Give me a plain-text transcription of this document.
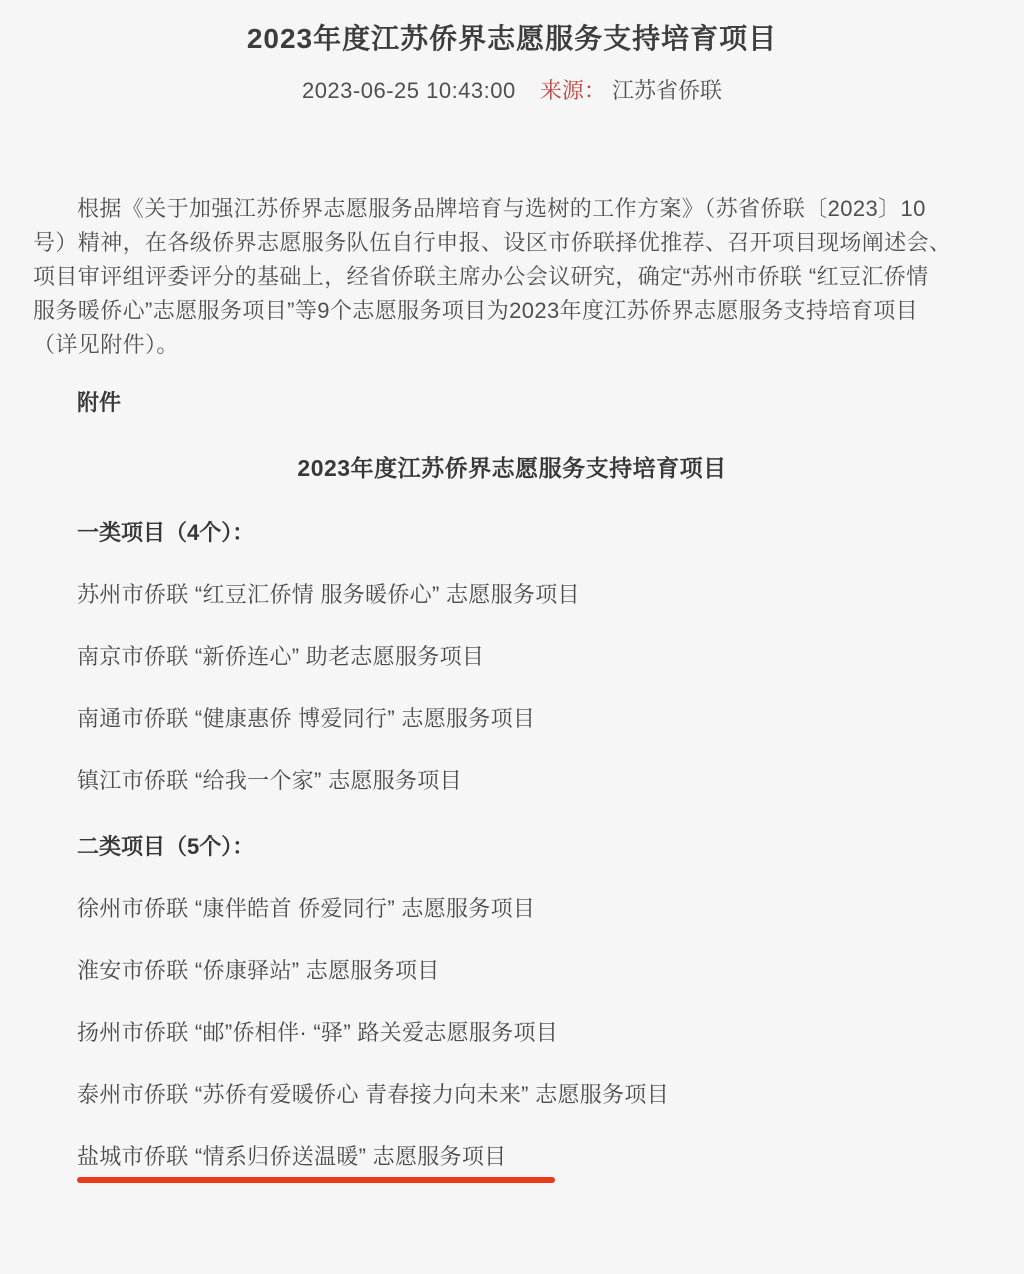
2023年度江苏侨界志愿服务支持培育项目
2023-06-25 10:43:00 来源： 江苏省侨联
根据《关于加强江苏侨界志愿服务品牌培育与选树的工作方案》（苏省侨联〔2023〕10
号）精神，在各级侨界志愿服务队伍自行申报、设区市侨联择优推荐、召开项目现场阐述会、
项目审评组评委评分的基础上，经省侨联主席办公会议研究，确定“苏州市侨联 “红豆汇侨情
服务暖侨心”志愿服务项目”等9个志愿服务项目为2023年度江苏侨界志愿服务支持培育项目
（详见附件）。
附件
2023年度江苏侨界志愿服务支持培育项目
一类项目（4个）：
苏州市侨联 “红豆汇侨情 服务暖侨心” 志愿服务项目
南京市侨联 “新侨连心” 助老志愿服务项目
南通市侨联 “健康惠侨 博爱同行” 志愿服务项目
镇江市侨联 “给我一个家” 志愿服务项目
二类项目（5个）：
徐州市侨联 “康伴皓首 侨爱同行” 志愿服务项目
淮安市侨联 “侨康驿站” 志愿服务项目
扬州市侨联 “邮”侨相伴· “驿” 路关爱志愿服务项目
泰州市侨联 “苏侨有爱暖侨心 青春接力向未来” 志愿服务项目
盐城市侨联 “情系归侨送温暖” 志愿服务项目
